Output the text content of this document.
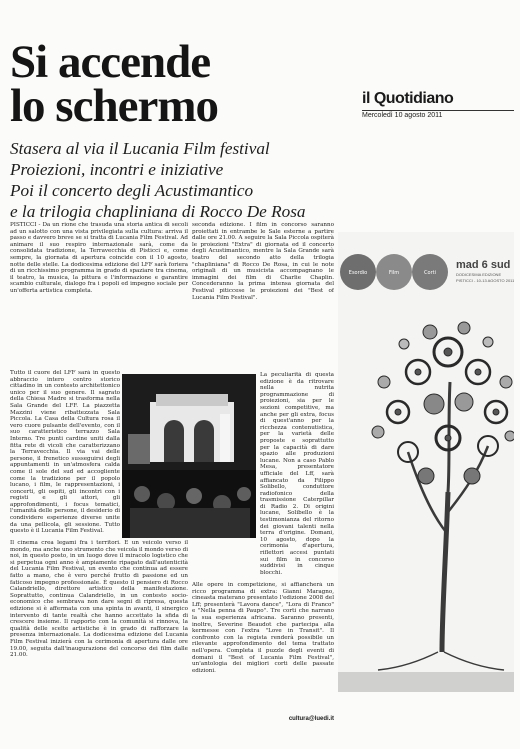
Si accende
lo schermo	il Quotidiano
Mercoledì 10 agosto 2011
Stasera al via il Lucania Film festival
Proiezioni, incontri e iniziative
Poi il concerto degli Acustimantico
e la trilogia chapliniana di Rocco De Rosa
PISTICCI - Da un rione che trasuda una storia antica di secoli ad un salotto con una vista privilegiata sulla cultura: arriva il passo e davvero breve se si tratta di Lucania Film Festival. Ad animare il suo respiro internazionale sarà, come da consolidata tradizione, la Terravecchia di Pisticci e, come sempre, la giornata di apertura coincide con il 10 agosto, notte delle stelle. La dodicesima edizione del LFF sarà foriera di un ricchissimo programma in grado di spaziare tra cinema, il teatro, la musica, la pittura e l'informazione e garantire scambio culturale, dialogo fra i popoli ed impegno sociale per un'offerta artistica completa.
Tutto il cuore del LFF sarà in questo abbraccio intero centro storico cittadino in un contesto architettonico unico per il suo genere. Il sagrato della Chiesa Madre si trasforma nella Sala Grande del LFF. La piazzetta Mazzini viene ribattezzata Sala Piccola. La Casa della Cultura rosa il vero cuore pulsante dell'evento, con il suo caratteristico terrazzo Sala Interno. Tre punti cardine uniti dalla fitta rete di vicoli che caratterizzano la Terravecchia. Il via vai delle persone, il frenetico susseguirsi degli appuntamenti in un'atmosfera calda come il sole del sud ed accogliente come la tradizione per il popolo lucano, i film, le rappresentazioni, i concerti, gli ospiti, gli incontri con i registi e gli attori, gli approfondimenti, i focus tematici, l'umanità delle persone, il desiderio di condividere esperienze diverse unite da una pellicola, gli sessione. Tutto questo è il Lucania Film Festival.
Il cinema crea legami fra i territori. È un veicolo verso il mondo, ma anche uno strumento che veicola il mondo verso di noi, in questo posto, in un luogo dove il miracolo logistico che si perpetua ogni anno è ampiamente ripagato dall'autenticità del Lucania Film Festival, un evento che continua ad essere fatto a mano, che è vero perché frutto di passione ed un faticoso impegno professionale. È questo il pensiero di Rocco Calandriello, direttore artistico della manifestazione. Soprattutto, continua Calandriello, in un contesto socio-economico che sembrava non dare segni di ripresa, questa edizione si è affermata con una spinta in avanti, il sinergico intervento di tante realtà che hanno accettato la sfida di crescere insieme. Il rapporto con la comunità si rinnova, la qualità delle scelte artistiche è in grado di rafforzare la presenza internazionale. La dodicesima edizione del Lucania Film Festival inizierà con la cerimonia di apertura dalle ore 19.00, seguita dall'inaugurazione del concorso dei film dalle 21.00.
seconda edizione. I film in concorso saranno proiettati in entrambe le Sale esterne a partire dalle ore 21.00. A seguire la Sala Piccola ospiterà le proiezioni "Extra" di giornata ed il concerto degli Acustimantico, mentre la Sala Grande sarà teatro del secondo atto della trilogia "chapliniana" di Rocco De Rosa, in cui le note originali di un musicista accompagnano le immagini dei film di Charlie Chaplin. Concederanno la prima intensa giornata del Festival piticcese le proiezioni dei "Best of Lucania Film Festival".
La peculiarità di questa edizione è da ritrovare nella nutrita programmazione di proiezioni, sia per le sezioni competitive, ma anche per gli extra, focus di quest'anno per la ricchezza contenutistica, per la varietà delle proposte e soprattutto per la capacità di dare spazio alle produzioni lucane. Non a caso Pablo Mesa, presentatore ufficiale del Lff, sarà affiancato da Filippo Solibello, conduttore radiofonico della trasmissione Caterpillar di Radio 2. Di origini lucane, Solibello è la testimonianza del ritorno dei giovani talenti nella terra d'origine. Domani, 10 agosto, dopo la cerimonia d'apertura, riflettori accesi puntati sui film in concorso suddivisi in cinque blocchi.
Alle opere in competizione, si affiancherà un ricco programma di extra: Gianni Maragno, cineasta materano presentato l'edizione 2008 del Lff; presenterà "Lavora dance", "Lora di Franco" e "Nella penna di Paupo". Tre corti che narrano la sua esperienza africana. Saranno presenti, inoltre, Severine Beaudot che partecipa alla kermesse con l'extra "Love in Transit". Il confronto con la regista renderà possibile un rilevante approfondimento del tema trattato nell'opera. Completa il puzzle degli eventi di domani il "Best of Lucania Film Festival", un'antologia dei migliori corti delle passate edizioni.
cultura@luedi.it
Esordio	Film	Corti
mad 6 sud
DODICESIMA EDIZIONE
PISTICCI - 10-13 AGOSTO 2011
